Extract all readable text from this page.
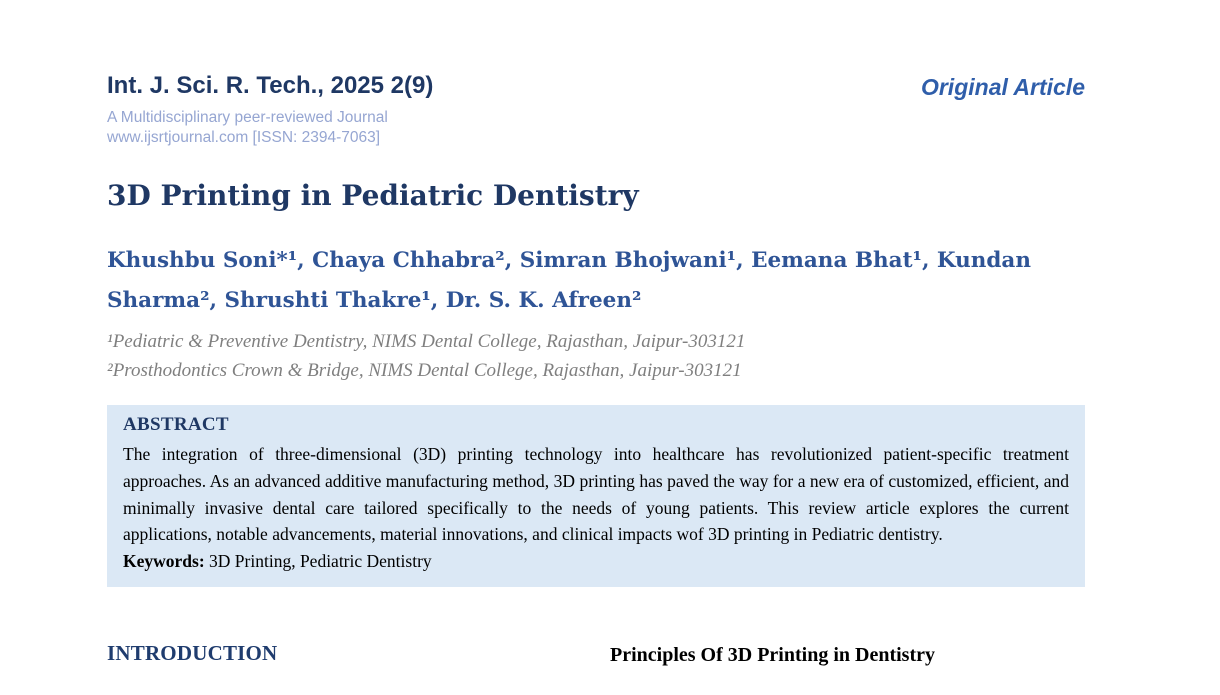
Int. J. Sci. R. Tech., 2025 2(9)
A Multidisciplinary peer-reviewed Journal
www.ijsrtjournal.com [ISSN: 2394-7063]
Original Article
3D Printing in Pediatric Dentistry
Khushbu Soni*¹, Chaya Chhabra², Simran Bhojwani¹, Eemana Bhat¹, Kundan
Sharma², Shrushti Thakre¹, Dr. S. K. Afreen²
¹Pediatric & Preventive Dentistry, NIMS Dental College, Rajasthan, Jaipur-303121
²Prosthodontics Crown & Bridge, NIMS Dental College, Rajasthan, Jaipur-303121
ABSTRACT

The integration of three-dimensional (3D) printing technology into healthcare has revolutionized patient-specific treatment approaches. As an advanced additive manufacturing method, 3D printing has paved the way for a new era of customized, efficient, and minimally invasive dental care tailored specifically to the needs of young patients. This review article explores the current applications, notable advancements, material innovations, and clinical impacts wof 3D printing in Pediatric dentistry.

Keywords: 3D Printing, Pediatric Dentistry

INTRODUCTION	Principles Of 3D Printing in Dentistry
